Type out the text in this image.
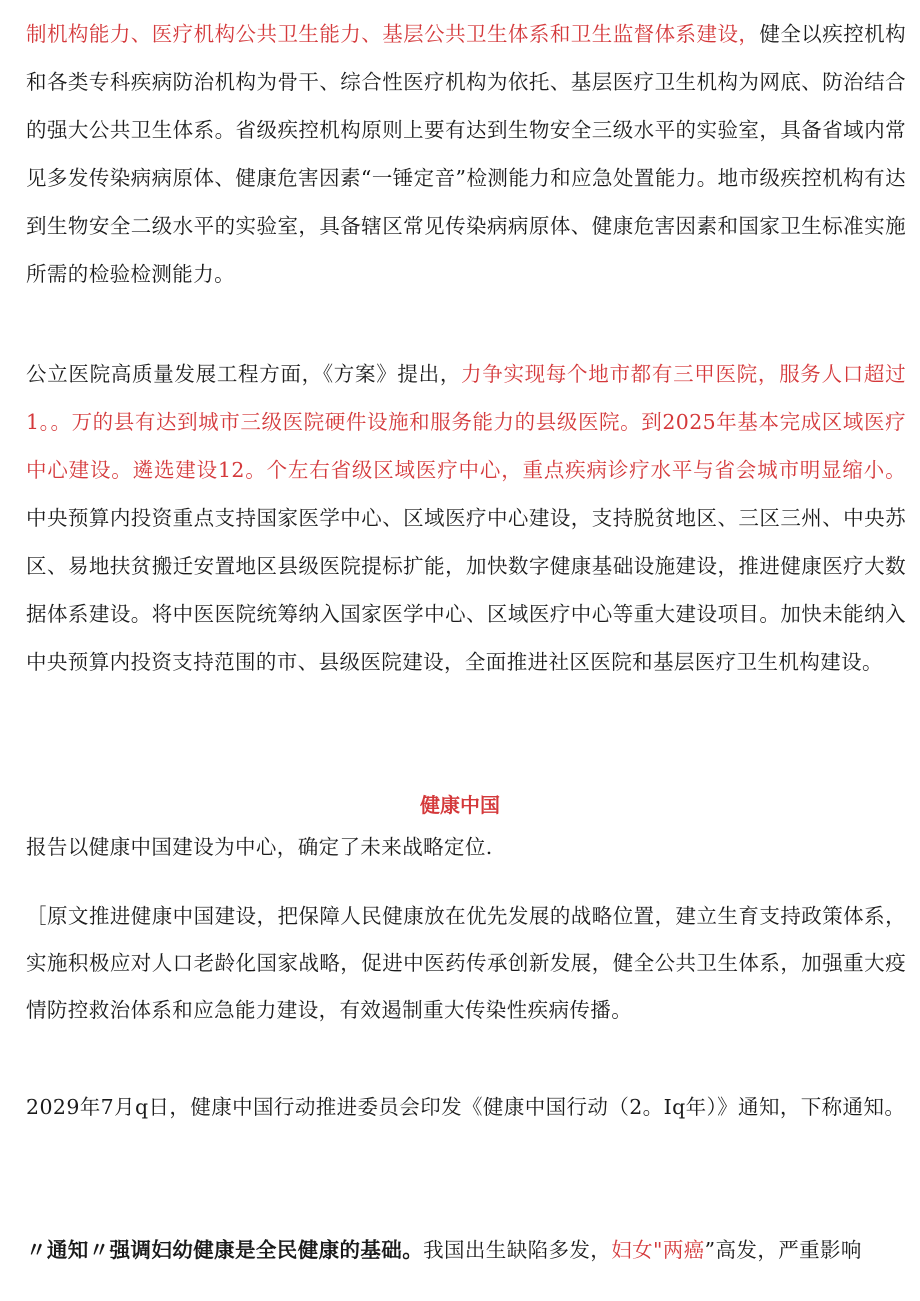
制机构能力、医疗机构公共卫生能力、基层公共卫生体系和卫生监督体系建设，健全以疾控机构和各类专科疾病防治机构为骨干、综合性医疗机构为依托、基层医疗卫生机构为网底、防治结合的强大公共卫生体系。省级疾控机构原则上要有达到生物安全三级水平的实验室，具备省域内常见多发传染病病原体、健康危害因素“一锤定音”检测能力和应急处置能力。地市级疾控机构有达到生物安全二级水平的实验室，具备辖区常见传染病病原体、健康危害因素和国家卫生标准实施所需的检验检测能力。

公立医院高质量发展工程方面，《方案》提出，力争实现每个地市都有三甲医院，服务人口超过1。。万的县有达到城市三级医院硬件设施和服务能力的县级医院。到2025年基本完成区域医疗中心建设。遴选建设12。个左右省级区域医疗中心，重点疾病诊疗水平与省会城市明显缩小。中央预算内投资重点支持国家医学中心、区域医疗中心建设，支持脱贫地区、三区三州、中央苏区、易地扶贫搬迁安置地区县级医院提标扩能，加快数字健康基础设施建设，推进健康医疗大数据体系建设。将中医医院统筹纳入国家医学中心、区域医疗中心等重大建设项目。加快未能纳入中央预算内投资支持范围的市、县级医院建设，全面推进社区医院和基层医疗卫生机构建设。

健康中国

报告以健康中国建设为中心，确定了未来战略定位.

［原文推进健康中国建设，把保障人民健康放在优先发展的战略位置，建立生育支持政策体系，实施积极应对人口老龄化国家战略，促进中医药传承创新发展，健全公共卫生体系，加强重大疫情防控救治体系和应急能力建设，有效遏制重大传染性疾病传播。

2029年7月q日，健康中国行动推进委员会印发《健康中国行动（2。Iq年）》通知，下称通知。

〃通知〃强调妇幼健康是全民健康的基础。我国出生缺陷多发，妇女"两癌”高发，严重影响
